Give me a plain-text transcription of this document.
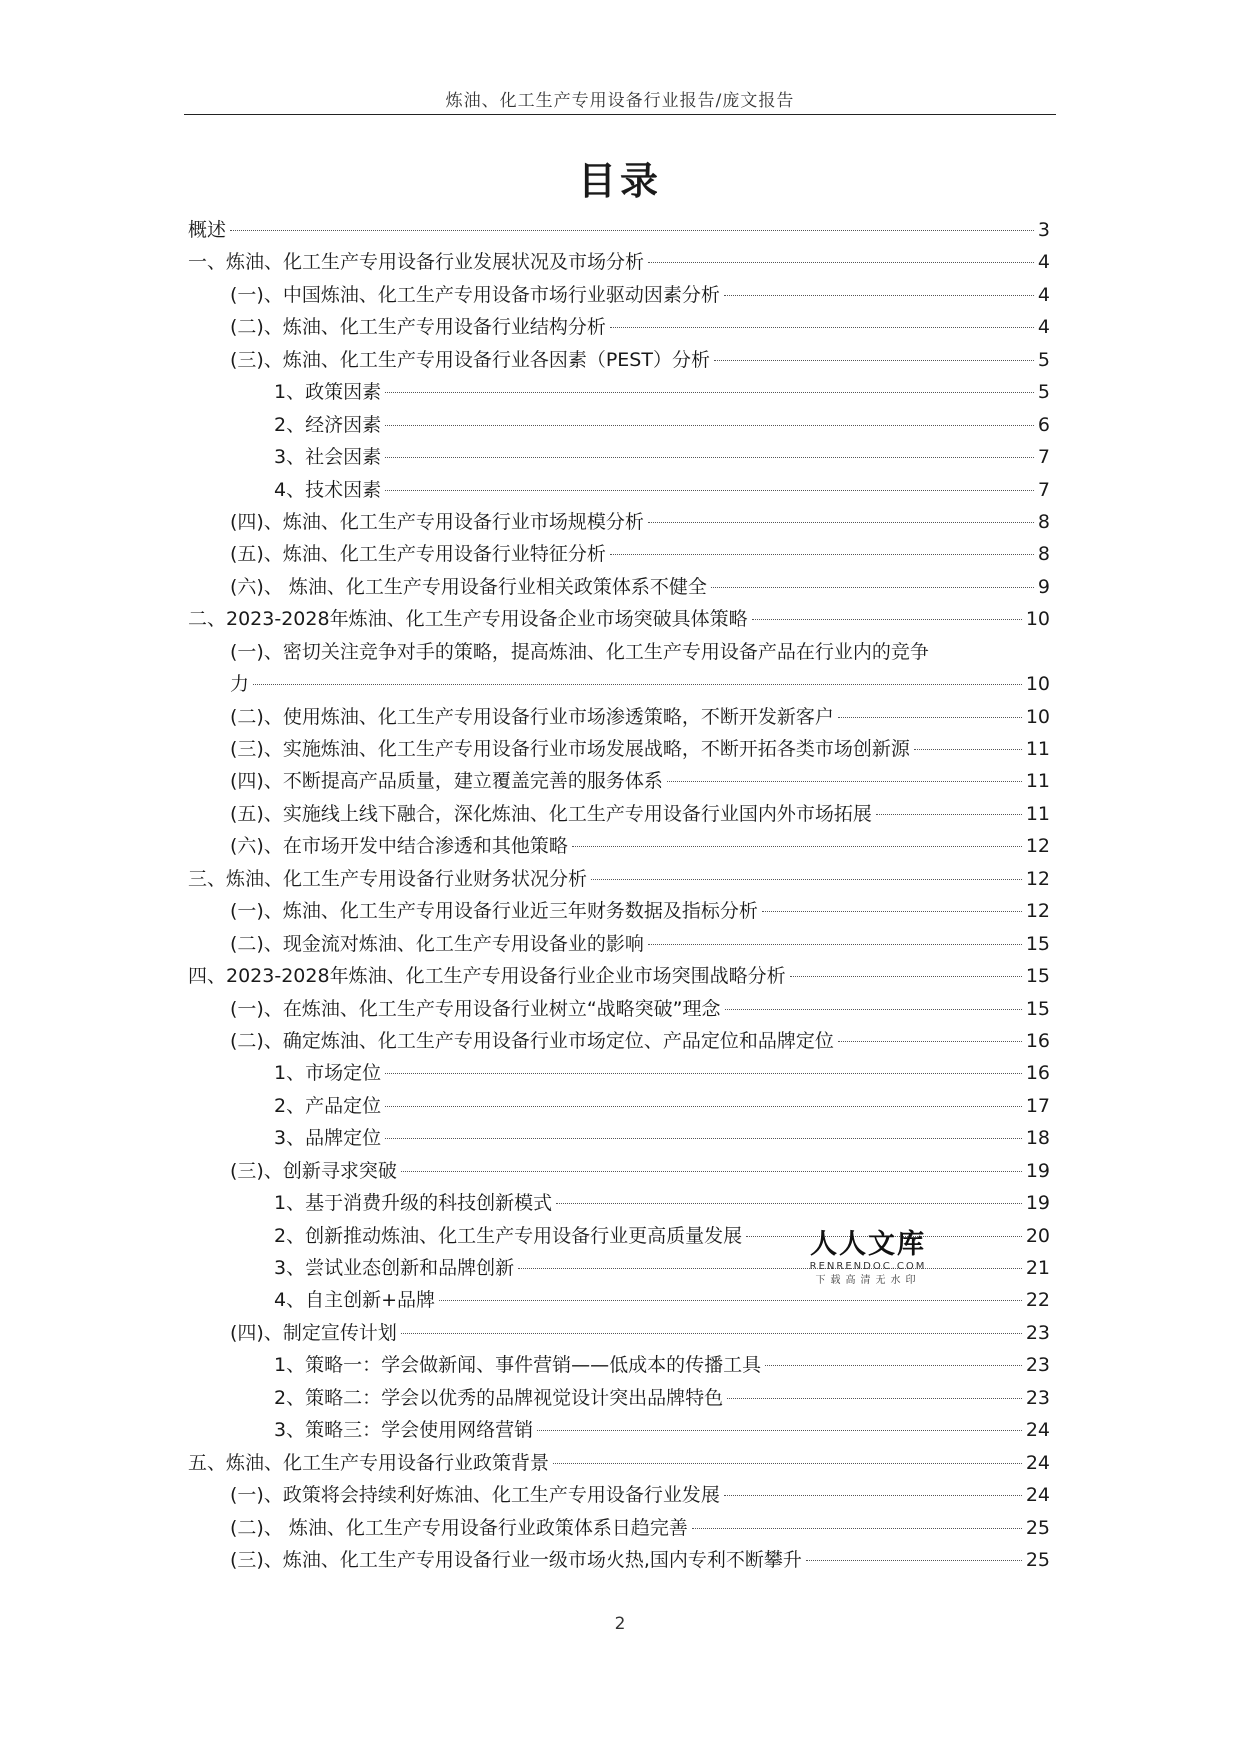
炼油、化工生产专用设备行业报告/庞文报告
目录
概述	3
一、炼油、化工生产专用设备行业发展状况及市场分析	4
(一)、中国炼油、化工生产专用设备市场行业驱动因素分析	4
(二)、炼油、化工生产专用设备行业结构分析	4
(三)、炼油、化工生产专用设备行业各因素（PEST）分析	5
1、政策因素	5
2、经济因素	6
3、社会因素	7
4、技术因素	7
(四)、炼油、化工生产专用设备行业市场规模分析	8
(五)、炼油、化工生产专用设备行业特征分析	8
(六)、 炼油、化工生产专用设备行业相关政策体系不健全	9
二、2023-2028年炼油、化工生产专用设备企业市场突破具体策略	10
(一)、密切关注竞争对手的策略，提高炼油、化工生产专用设备产品在行业内的竞争
力	10
(二)、使用炼油、化工生产专用设备行业市场渗透策略，不断开发新客户	10
(三)、实施炼油、化工生产专用设备行业市场发展战略，不断开拓各类市场创新源	11
(四)、不断提高产品质量，建立覆盖完善的服务体系	11
(五)、实施线上线下融合，深化炼油、化工生产专用设备行业国内外市场拓展	11
(六)、在市场开发中结合渗透和其他策略	12
三、炼油、化工生产专用设备行业财务状况分析	12
(一)、炼油、化工生产专用设备行业近三年财务数据及指标分析	12
(二)、现金流对炼油、化工生产专用设备业的影响	15
四、2023-2028年炼油、化工生产专用设备行业企业市场突围战略分析	15
(一)、在炼油、化工生产专用设备行业树立“战略突破”理念	15
(二)、确定炼油、化工生产专用设备行业市场定位、产品定位和品牌定位	16
1、市场定位	16
2、产品定位	17
3、品牌定位	18
(三)、创新寻求突破	19
1、基于消费升级的科技创新模式	19
2、创新推动炼油、化工生产专用设备行业更高质量发展	20
3、尝试业态创新和品牌创新	21
4、自主创新+品牌	22
(四)、制定宣传计划	23
1、策略一：学会做新闻、事件营销——低成本的传播工具	23
2、策略二：学会以优秀的品牌视觉设计突出品牌特色	23
3、策略三：学会使用网络营销	24
五、炼油、化工生产专用设备行业政策背景	24
(一)、政策将会持续利好炼油、化工生产专用设备行业发展	24
(二)、 炼油、化工生产专用设备行业政策体系日趋完善	25
(三)、炼油、化工生产专用设备行业一级市场火热,国内专利不断攀升	25
人人文库
RENRENDOC.COM
下载高清无水印
2
